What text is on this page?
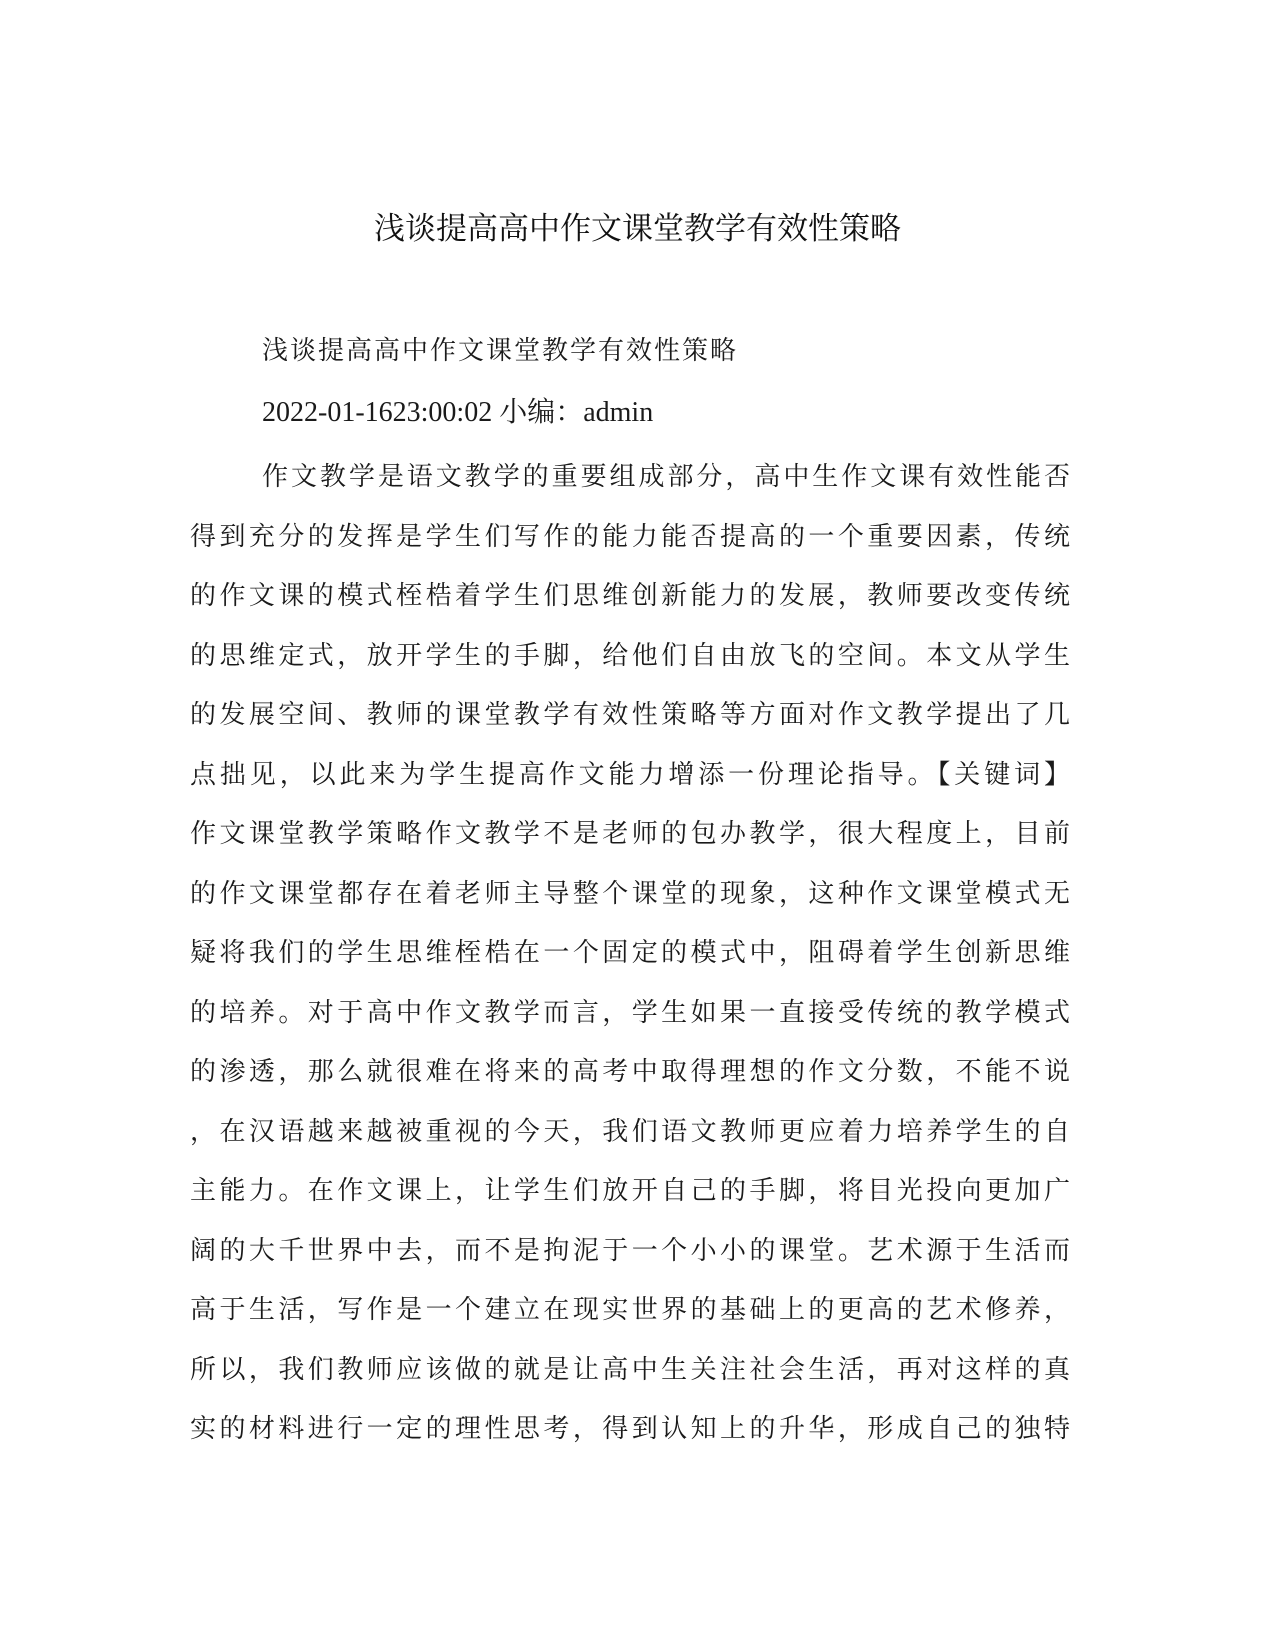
浅谈提高高中作文课堂教学有效性策略
浅谈提高高中作文课堂教学有效性策略
2022-01-1623:00:02 小编：admin
作文教学是语文教学的重要组成部分，高中生作文课有效性能否
得到充分的发挥是学生们写作的能力能否提高的一个重要因素，传统
的作文课的模式桎梏着学生们思维创新能力的发展，教师要改变传统
的思维定式，放开学生的手脚，给他们自由放飞的空间。本文从学生
的发展空间、教师的课堂教学有效性策略等方面对作文教学提出了几
点拙见，以此来为学生提高作文能力增添一份理论指导。【关键词】
作文课堂教学策略作文教学不是老师的包办教学，很大程度上，目前
的作文课堂都存在着老师主导整个课堂的现象，这种作文课堂模式无
疑将我们的学生思维桎梏在一个固定的模式中，阻碍着学生创新思维
的培养。对于高中作文教学而言，学生如果一直接受传统的教学模式
的渗透，那么就很难在将来的高考中取得理想的作文分数，不能不说
，在汉语越来越被重视的今天，我们语文教师更应着力培养学生的自
主能力。在作文课上，让学生们放开自己的手脚，将目光投向更加广
阔的大千世界中去，而不是拘泥于一个小小的课堂。艺术源于生活而
高于生活，写作是一个建立在现实世界的基础上的更高的艺术修养，
所以，我们教师应该做的就是让高中生关注社会生活，再对这样的真
实的材料进行一定的理性思考，得到认知上的升华，形成自己的独特
